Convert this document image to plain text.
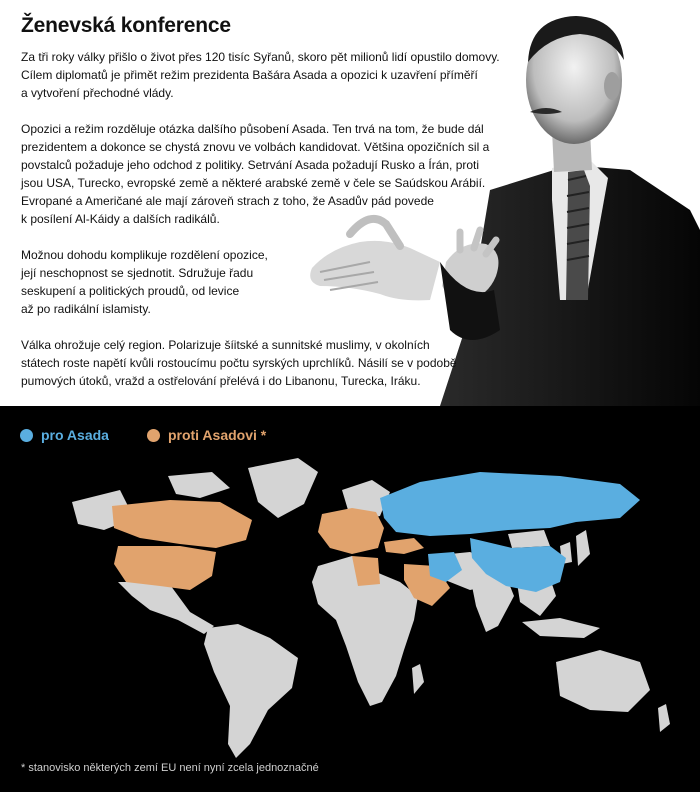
Ženevská konference

Za tři roky války přišlo o život přes 120 tisíc Syřanů, skoro pět milionů lidí opustilo domovy.
Cílem diplomatů je přimět režim prezidenta Bašára Asada a opozici k uzavření příměří
a vytvoření přechodné vlády.

Opozici a režim rozděluje otázka dalšího působení Asada. Ten trvá na tom, že bude dál
prezidentem a dokonce se chystá znovu ve volbách kandidovat. Většina opozičních sil a
povstalců požaduje jeho odchod z politiky. Setrvání Asada požadují Rusko a Írán, proti
jsou USA, Turecko, evropské země a některé arabské země v čele se Saúdskou Arábií.
Evropané a Američané ale mají zároveň strach z toho, že Asadův pád povede
k posílení Al-Káidy a dalších radikálů.

Možnou dohodu komplikuje rozdělení opozice,
její neschopnost se sjednotit. Sdružuje řadu
seskupení a politických proudů, od levice
až po radikální islamisty.

Válka ohrožuje celý region. Polarizuje šíitské a sunnitské muslimy, v okolních
státech roste napětí kvůli rostoucímu počtu syrských uprchlíků. Násilí se v podobě
pumových útoků, vražd a ostřelování přelévá i do Libanonu, Turecka, Iráku.

pro Asada	proti Asadovi *

* stanovisko některých zemí EU není nyní zcela jednoznačné
